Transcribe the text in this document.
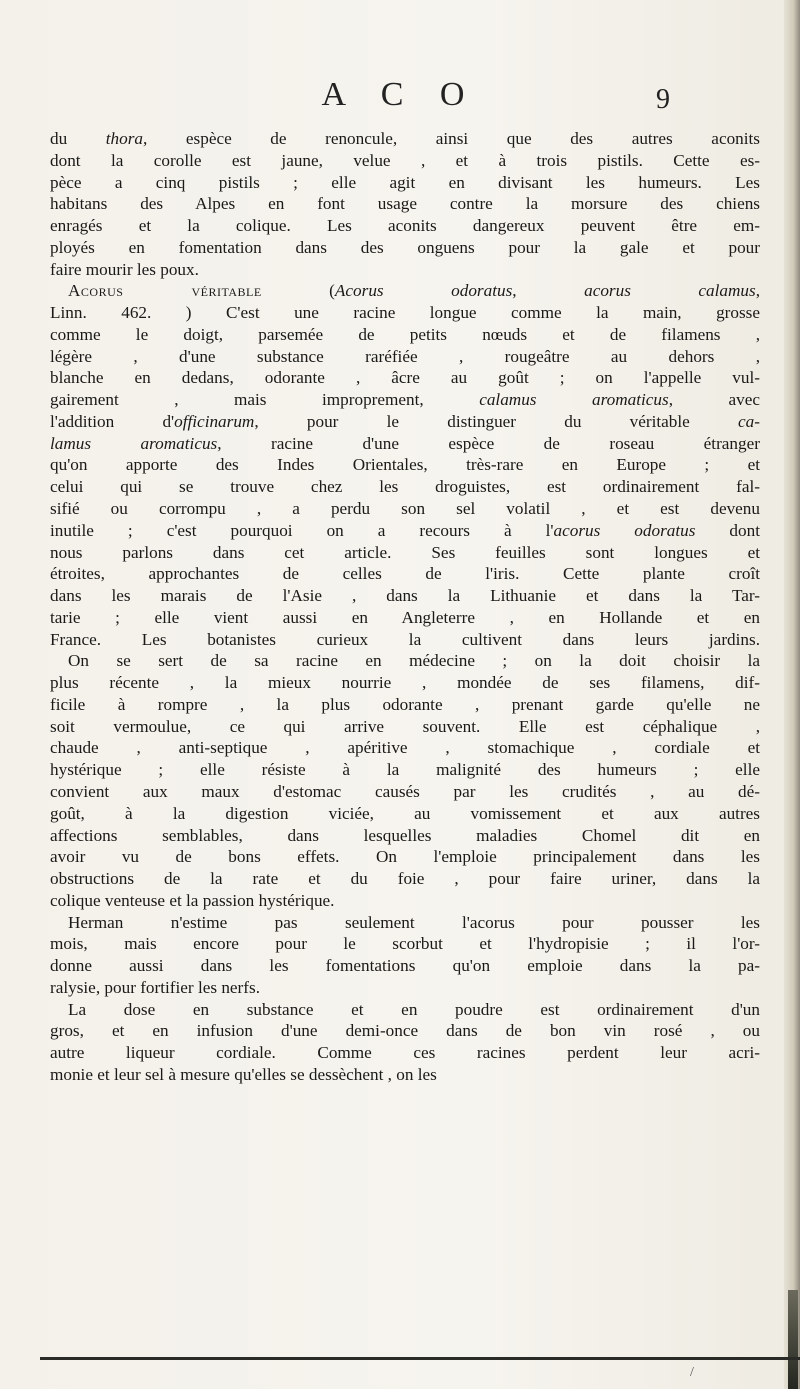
A C O	9
du thora, espèce de renoncule, ainsi que des autres aconits
dont la corolle est jaune, velue , et à trois pistils. Cette es-
pèce a cinq pistils ; elle agit en divisant les humeurs. Les
habitans des Alpes en font usage contre la morsure des chiens
enragés et la colique. Les aconits dangereux peuvent être em-
ployés en fomentation dans des onguens pour la gale et pour
faire mourir les poux.
Acorus véritable (Acorus odoratus, acorus calamus,
Linn. 462. ) C'est une racine longue comme la main, grosse
comme le doigt, parsemée de petits nœuds et de filamens ,
légère , d'une substance raréfiée , rougeâtre au dehors ,
blanche en dedans, odorante , âcre au goût ; on l'appelle vul-
gairement , mais improprement, calamus aromaticus, avec
l'addition d'officinarum, pour le distinguer du véritable ca-
lamus aromaticus, racine d'une espèce de roseau étranger
qu'on apporte des Indes Orientales, très-rare en Europe ; et
celui qui se trouve chez les droguistes, est ordinairement fal-
sifié ou corrompu , a perdu son sel volatil , et est devenu
inutile ; c'est pourquoi on a recours à l'acorus odoratus dont
nous parlons dans cet article. Ses feuilles sont longues et
étroites, approchantes de celles de l'iris. Cette plante croît
dans les marais de l'Asie , dans la Lithuanie et dans la Tar-
tarie ; elle vient aussi en Angleterre , en Hollande et en
France. Les botanistes curieux la cultivent dans leurs jardins.
On se sert de sa racine en médecine ; on la doit choisir la
plus récente , la mieux nourrie , mondée de ses filamens, dif-
ficile à rompre , la plus odorante , prenant garde qu'elle ne
soit vermoulue, ce qui arrive souvent. Elle est céphalique ,
chaude , anti-septique , apéritive , stomachique , cordiale et
hystérique ; elle résiste à la malignité des humeurs ; elle
convient aux maux d'estomac causés par les crudités , au dé-
goût, à la digestion viciée, au vomissement et aux autres
affections semblables, dans lesquelles maladies Chomel dit en
avoir vu de bons effets. On l'emploie principalement dans les
obstructions de la rate et du foie , pour faire uriner, dans la
colique venteuse et la passion hystérique.
Herman n'estime pas seulement l'acorus pour pousser les
mois, mais encore pour le scorbut et l'hydropisie ; il l'or-
donne aussi dans les fomentations qu'on emploie dans la pa-
ralysie, pour fortifier les nerfs.
La dose en substance et en poudre est ordinairement d'un
gros, et en infusion d'une demi-once dans de bon vin rosé , ou
autre liqueur cordiale. Comme ces racines perdent leur acri-
monie et leur sel à mesure qu'elles se dessèchent , on les
/
